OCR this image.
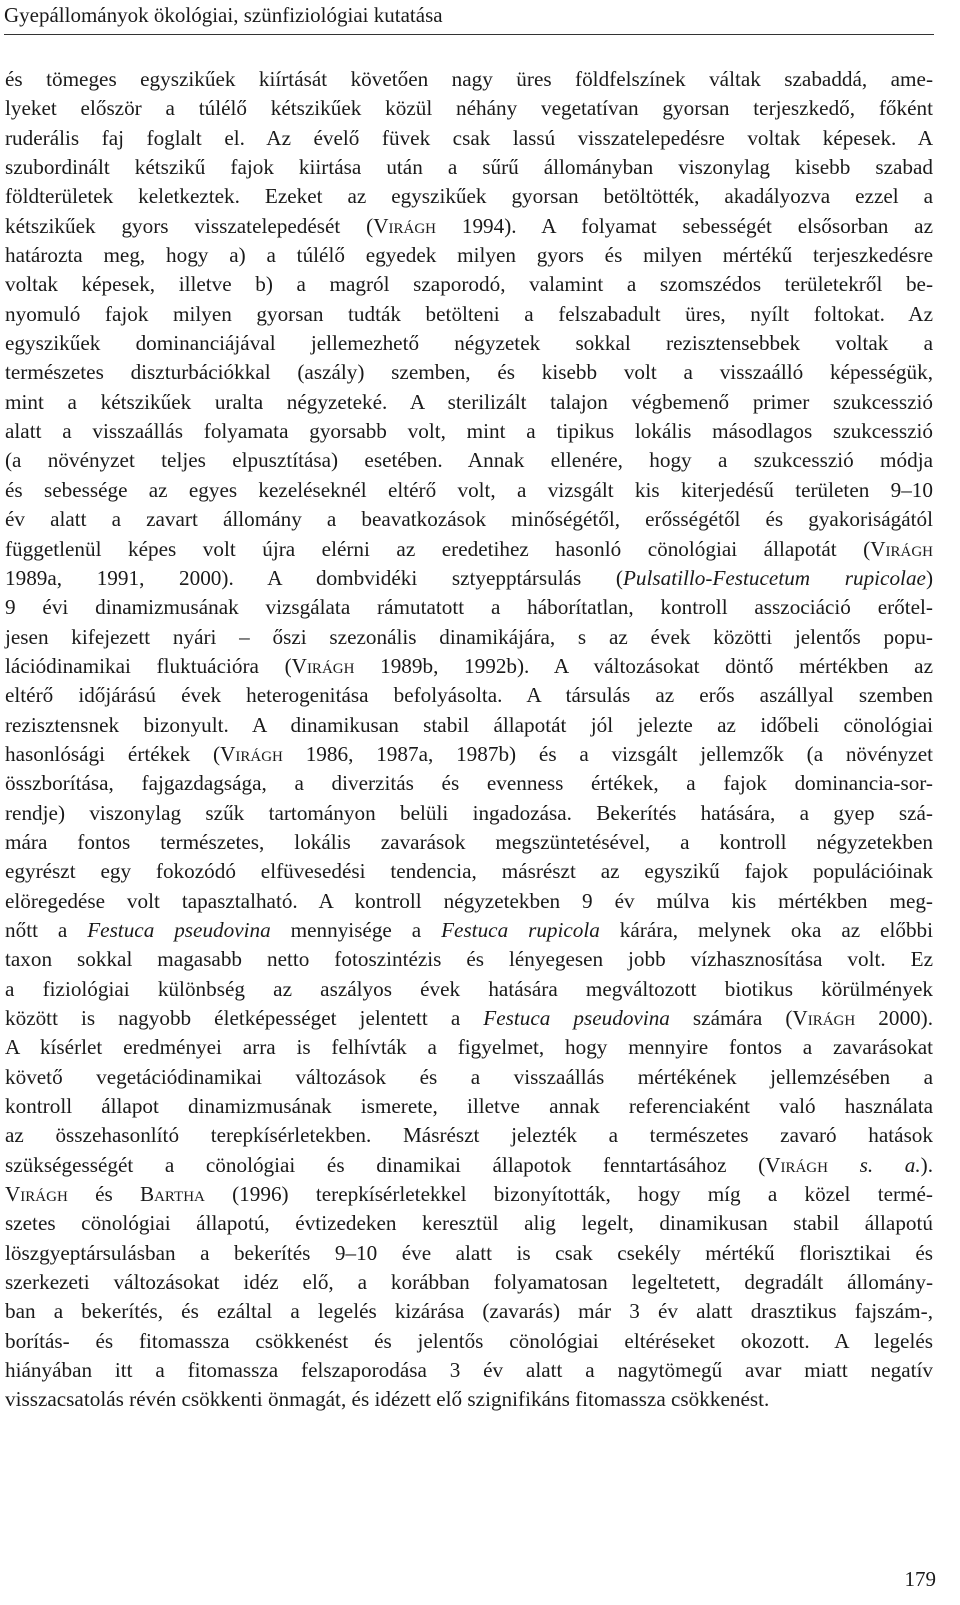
Gyepállományok ökológiai, szünfiziológiai kutatása
és tömeges egyszikűek kiírtását követően nagy üres földfelszínek váltak szabaddá, ame-
lyeket először a túlélő kétszikűek közül néhány vegetatívan gyorsan terjeszkedő, főként
ruderális faj foglalt el. Az évelő füvek csak lassú visszatelepedésre voltak képesek. A
szubordinált kétszikű fajok kiirtása után a sűrű állományban viszonylag kisebb szabad
földterületek keletkeztek. Ezeket az egyszikűek gyorsan betöltötték, akadályozva ezzel a
kétszikűek gyors visszatelepedését (Virágh 1994). A folyamat sebességét elsősorban az
határozta meg, hogy a) a túlélő egyedek milyen gyors és milyen mértékű terjeszkedésre
voltak képesek, illetve b) a magról szaporodó, valamint a szomszédos területekről be-
nyomuló fajok milyen gyorsan tudták betölteni a felszabadult üres, nyílt foltokat. Az
egyszikűek dominanciájával jellemezhető négyzetek sokkal rezisztensebbek voltak a
természetes diszturbációkkal (aszály) szemben, és kisebb volt a visszaálló képességük,
mint a kétszikűek uralta négyzeteké. A sterilizált talajon végbemenő primer szukcesszió
alatt a visszaállás folyamata gyorsabb volt, mint a tipikus lokális másodlagos szukcesszió
(a növényzet teljes elpusztítása) esetében. Annak ellenére, hogy a szukcesszió módja
és sebessége az egyes kezeléseknél eltérő volt, a vizsgált kis kiterjedésű területen 9–10
év alatt a zavart állomány a beavatkozások minőségétől, erősségétől és gyakoriságától
függetlenül képes volt újra elérni az eredetihez hasonló cönológiai állapotát (Virágh
1989a, 1991, 2000). A dombvidéki sztyepptársulás (Pulsatillo-Festucetum rupicolae)
9 évi dinamizmusának vizsgálata rámutatott a háborítatlan, kontroll asszociáció erőtel-
jesen kifejezett nyári – őszi szezonális dinamikájára, s az évek közötti jelentős popu-
lációdinamikai fluktuációra (Virágh 1989b, 1992b). A változásokat döntő mértékben az
eltérő időjárású évek heterogenitása befolyásolta. A társulás az erős aszállyal szemben
rezisztensnek bizonyult. A dinamikusan stabil állapotát jól jelezte az időbeli cönológiai
hasonlósági értékek (Virágh 1986, 1987a, 1987b) és a vizsgált jellemzők (a növényzet
összborítása, fajgazdagsága, a diverzitás és evenness értékek, a fajok dominancia-sor-
rendje) viszonylag szűk tartományon belüli ingadozása. Bekerítés hatására, a gyep szá-
mára fontos természetes, lokális zavarások megszüntetésével, a kontroll négyzetekben
egyrészt egy fokozódó elfüvesedési tendencia, másrészt az egyszikű fajok populációinak
elöregedése volt tapasztalható. A kontroll négyzetekben 9 év múlva kis mértékben meg-
nőtt a Festuca pseudovina mennyisége a Festuca rupicola kárára, melynek oka az előbbi
taxon sokkal magasabb netto fotoszintézis és lényegesen jobb vízhasznosítása volt. Ez
a fiziológiai különbség az aszályos évek hatására megváltozott biotikus körülmények
között is nagyobb életképességet jelentett a Festuca pseudovina számára (Virágh 2000).
A kísérlet eredményei arra is felhívták a figyelmet, hogy mennyire fontos a zavarásokat
követő vegetációdinamikai változások és a visszaállás mértékének jellemzésében a
kontroll állapot dinamizmusának ismerete, illetve annak referenciaként való használata
az összehasonlító terepkísérletekben. Másrészt jelezték a természetes zavaró hatások
szükségességét a cönológiai és dinamikai állapotok fenntartásához (Virágh s. a.).
Virágh és Bartha (1996) terepkísérletekkel bizonyították, hogy míg a közel termé-
szetes cönológiai állapotú, évtizedeken keresztül alig legelt, dinamikusan stabil állapotú
löszgyeptársulásban a bekerítés 9–10 éve alatt is csak csekély mértékű florisztikai és
szerkezeti változásokat idéz elő, a korábban folyamatosan legeltetett, degradált állomány-
ban a bekerítés, és ezáltal a legelés kizárása (zavarás) már 3 év alatt drasztikus fajszám-,
borítás- és fitomassza csökkenést és jelentős cönológiai eltéréseket okozott. A legelés
hiányában itt a fitomassza felszaporodása 3 év alatt a nagytömegű avar miatt negatív
visszacsatolás révén csökkenti önmagát, és idézett elő szignifikáns fitomassza csökkenést.
179
